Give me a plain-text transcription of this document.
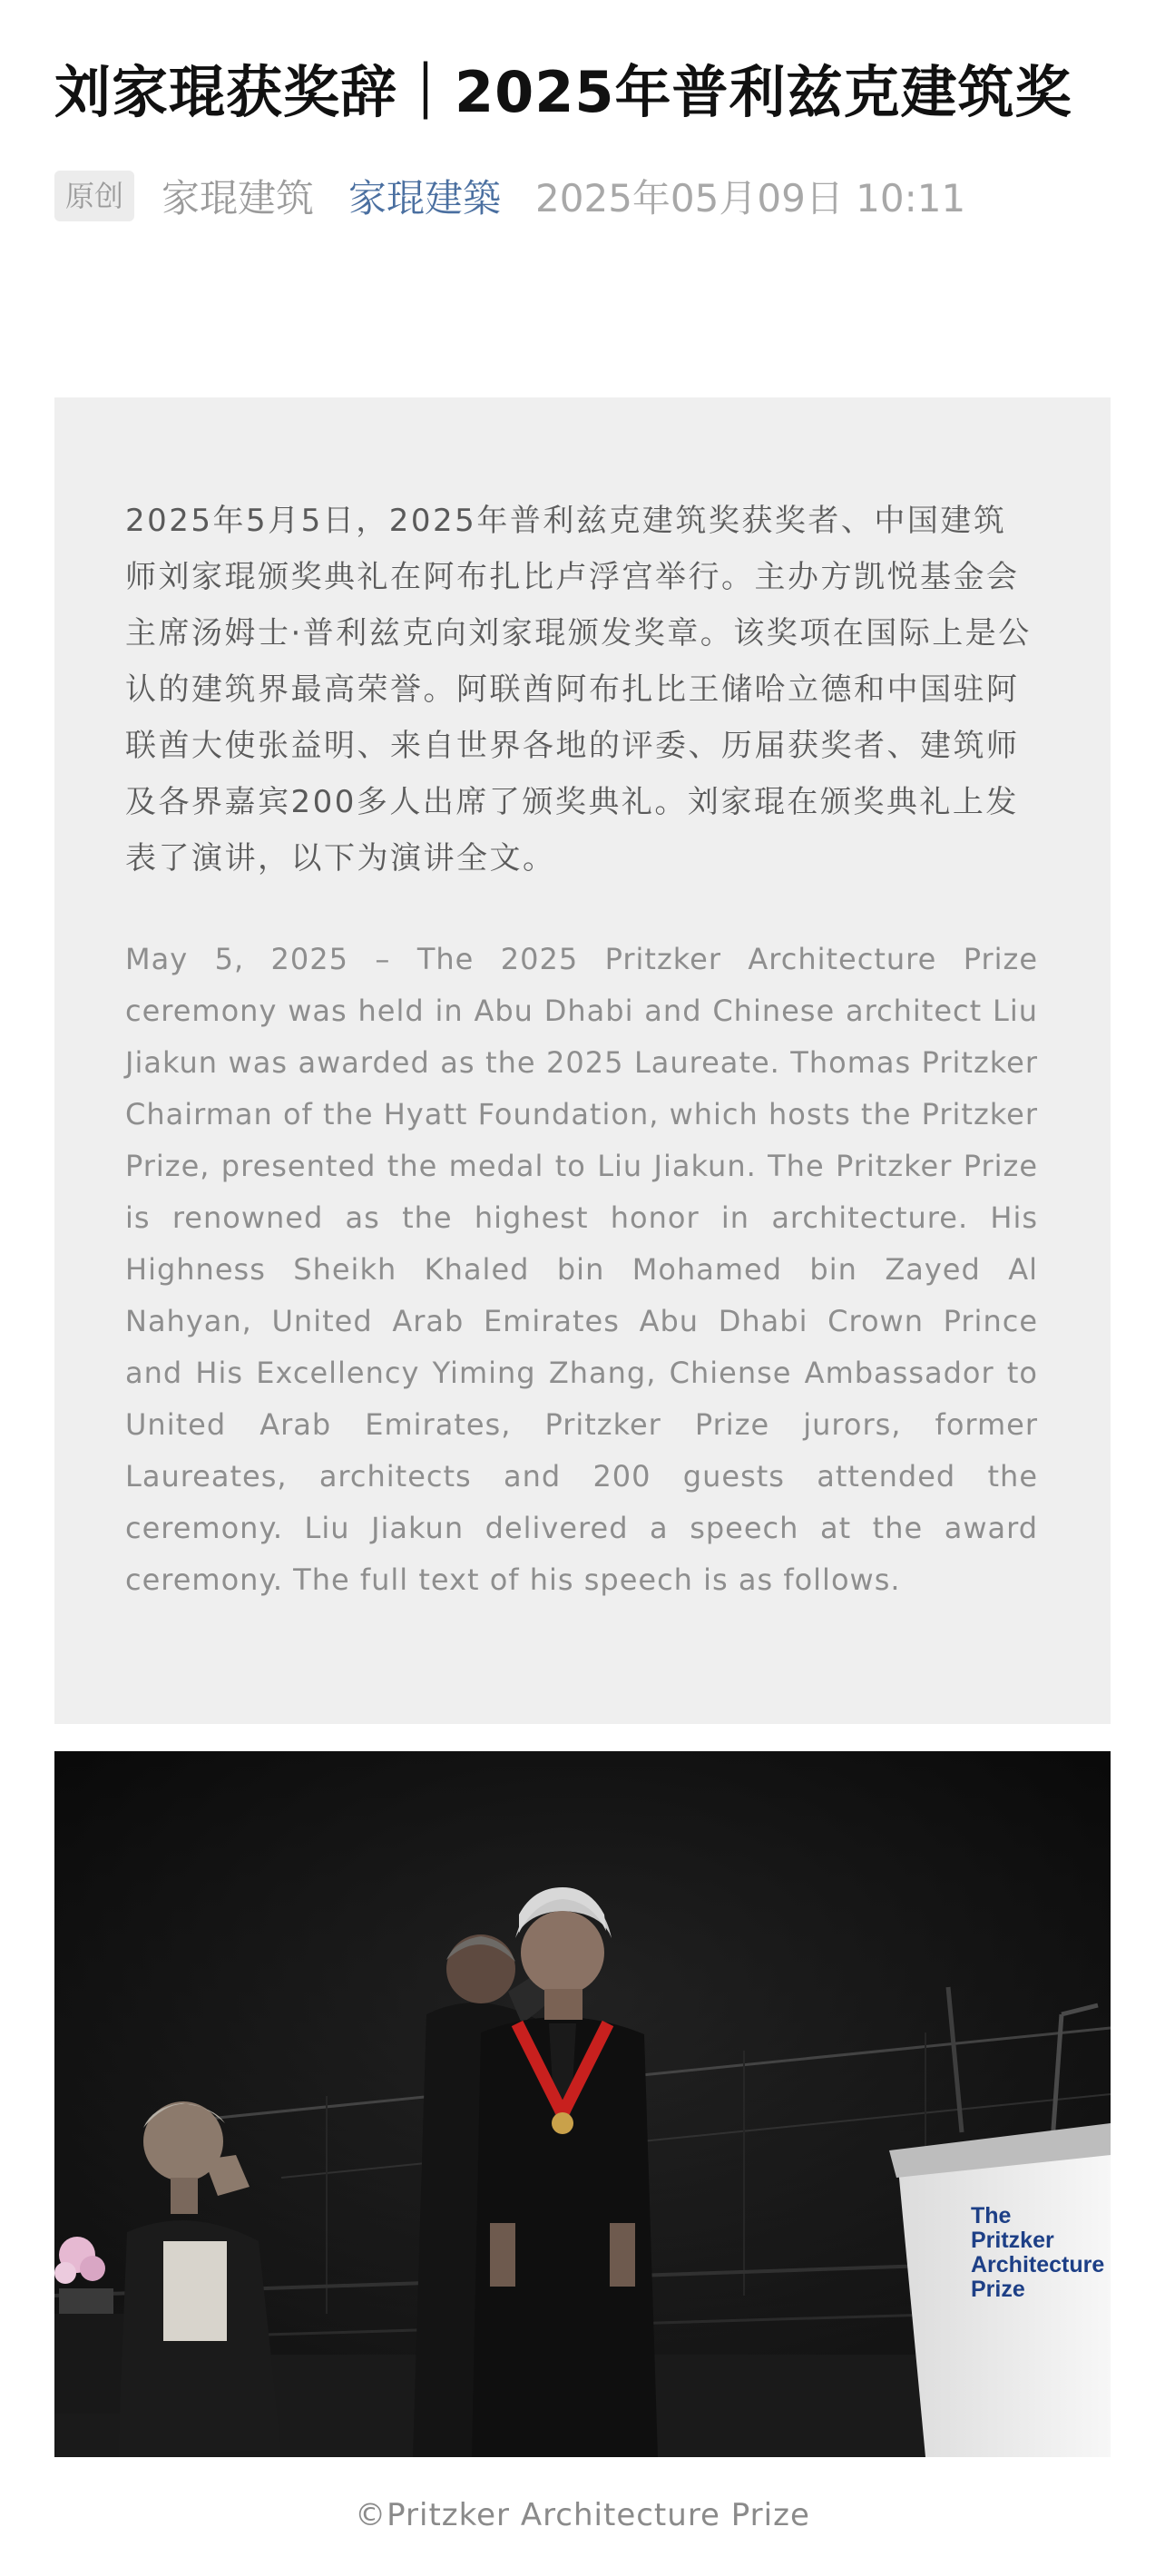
刘家琨获奖辞｜2025年普利兹克建筑奖
原创 家琨建筑 家琨建築 2025年05月09日 10:11

2025年5月5日，2025年普利兹克建筑奖获奖者、中国建筑师刘家琨颁奖典礼在阿布扎比卢浮宫举行。主办方凯悦基金会主席汤姆士·普利兹克向刘家琨颁发奖章。该奖项在国际上是公认的建筑界最高荣誉。阿联酋阿布扎比王储哈立德和中国驻阿联酋大使张益明、来自世界各地的评委、历届获奖者、建筑师及各界嘉宾200多人出席了颁奖典礼。刘家琨在颁奖典礼上发表了演讲，以下为演讲全文。

May 5, 2025 – The 2025 Pritzker Architecture Prize ceremony was held in Abu Dhabi and Chinese architect Liu Jiakun was awarded as the 2025 Laureate. Thomas Pritzker Chairman of the Hyatt Foundation, which hosts the Pritzker Prize, presented the medal to Liu Jiakun. The Pritzker Prize is renowned as the highest honor in architecture. His Highness Sheikh Khaled bin Mohamed bin Zayed Al Nahyan, United Arab Emirates Abu Dhabi Crown Prince and His Excellency Yiming Zhang, Chiense Ambassador to United Arab Emirates, Pritzker Prize jurors, former Laureates, architects and 200 guests attended the ceremony. Liu Jiakun delivered a speech at the award ceremony. The full text of his speech is as follows.

The
Pritzker
Architecture
Prize
©Pritzker Architecture Prize
